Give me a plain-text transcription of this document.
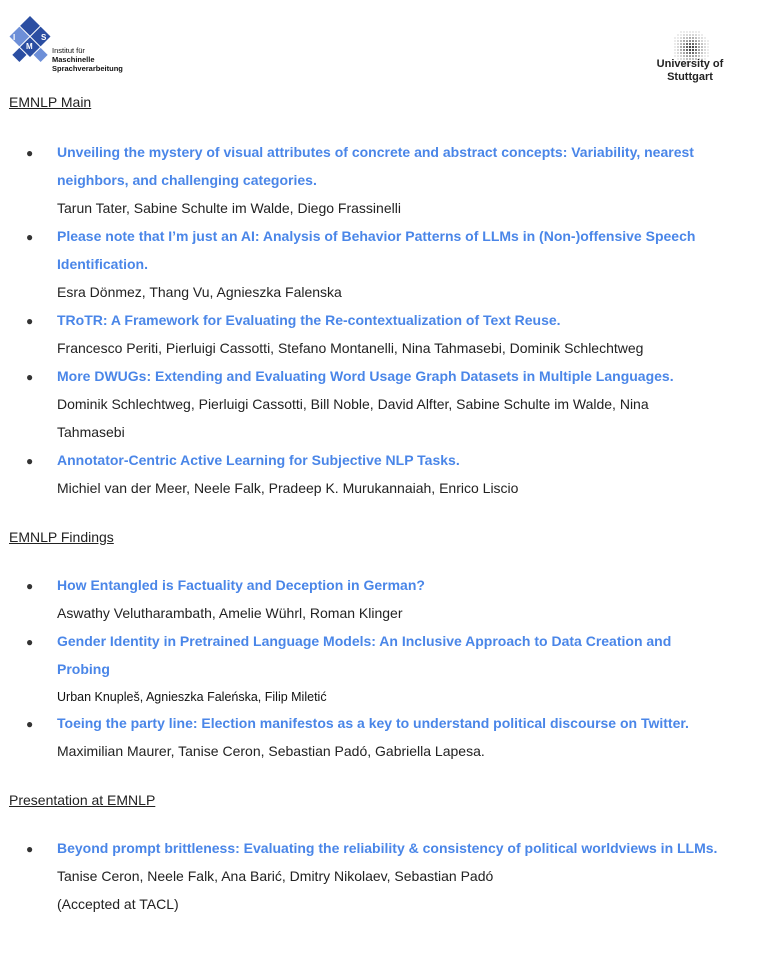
I
M
S
Institut für
Maschinelle
Sprachverarbeitung	University of
Stuttgart
EMNLP Main
● Unveiling the mystery of visual attributes of concrete and abstract concepts: Variability, nearest
neighbors, and challenging categories.
Tarun Tater, Sabine Schulte im Walde, Diego Frassinelli
● Please note that I’m just an AI: Analysis of Behavior Patterns of LLMs in (Non-)offensive Speech
Identification.
Esra Dönmez, Thang Vu, Agnieszka Falenska
● TRoTR: A Framework for Evaluating the Re-contextualization of Text Reuse.
Francesco Periti, Pierluigi Cassotti, Stefano Montanelli, Nina Tahmasebi, Dominik Schlechtweg
● More DWUGs: Extending and Evaluating Word Usage Graph Datasets in Multiple Languages.
Dominik Schlechtweg, Pierluigi Cassotti, Bill Noble, David Alfter, Sabine Schulte im Walde, Nina
Tahmasebi
● Annotator-Centric Active Learning for Subjective NLP Tasks.
Michiel van der Meer, Neele Falk, Pradeep K. Murukannaiah, Enrico Liscio
EMNLP Findings
● How Entangled is Factuality and Deception in German?
Aswathy Velutharambath, Amelie Wührl, Roman Klinger
● Gender Identity in Pretrained Language Models: An Inclusive Approach to Data Creation and
Probing
Urban Knupleš, Agnieszka Faleńska, Filip Miletić
● Toeing the party line: Election manifestos as a key to understand political discourse on Twitter.
Maximilian Maurer, Tanise Ceron, Sebastian Padó, Gabriella Lapesa.
Presentation at EMNLP
● Beyond prompt brittleness: Evaluating the reliability & consistency of political worldviews in LLMs.
Tanise Ceron, Neele Falk, Ana Barić, Dmitry Nikolaev, Sebastian Padó
(Accepted at TACL)
